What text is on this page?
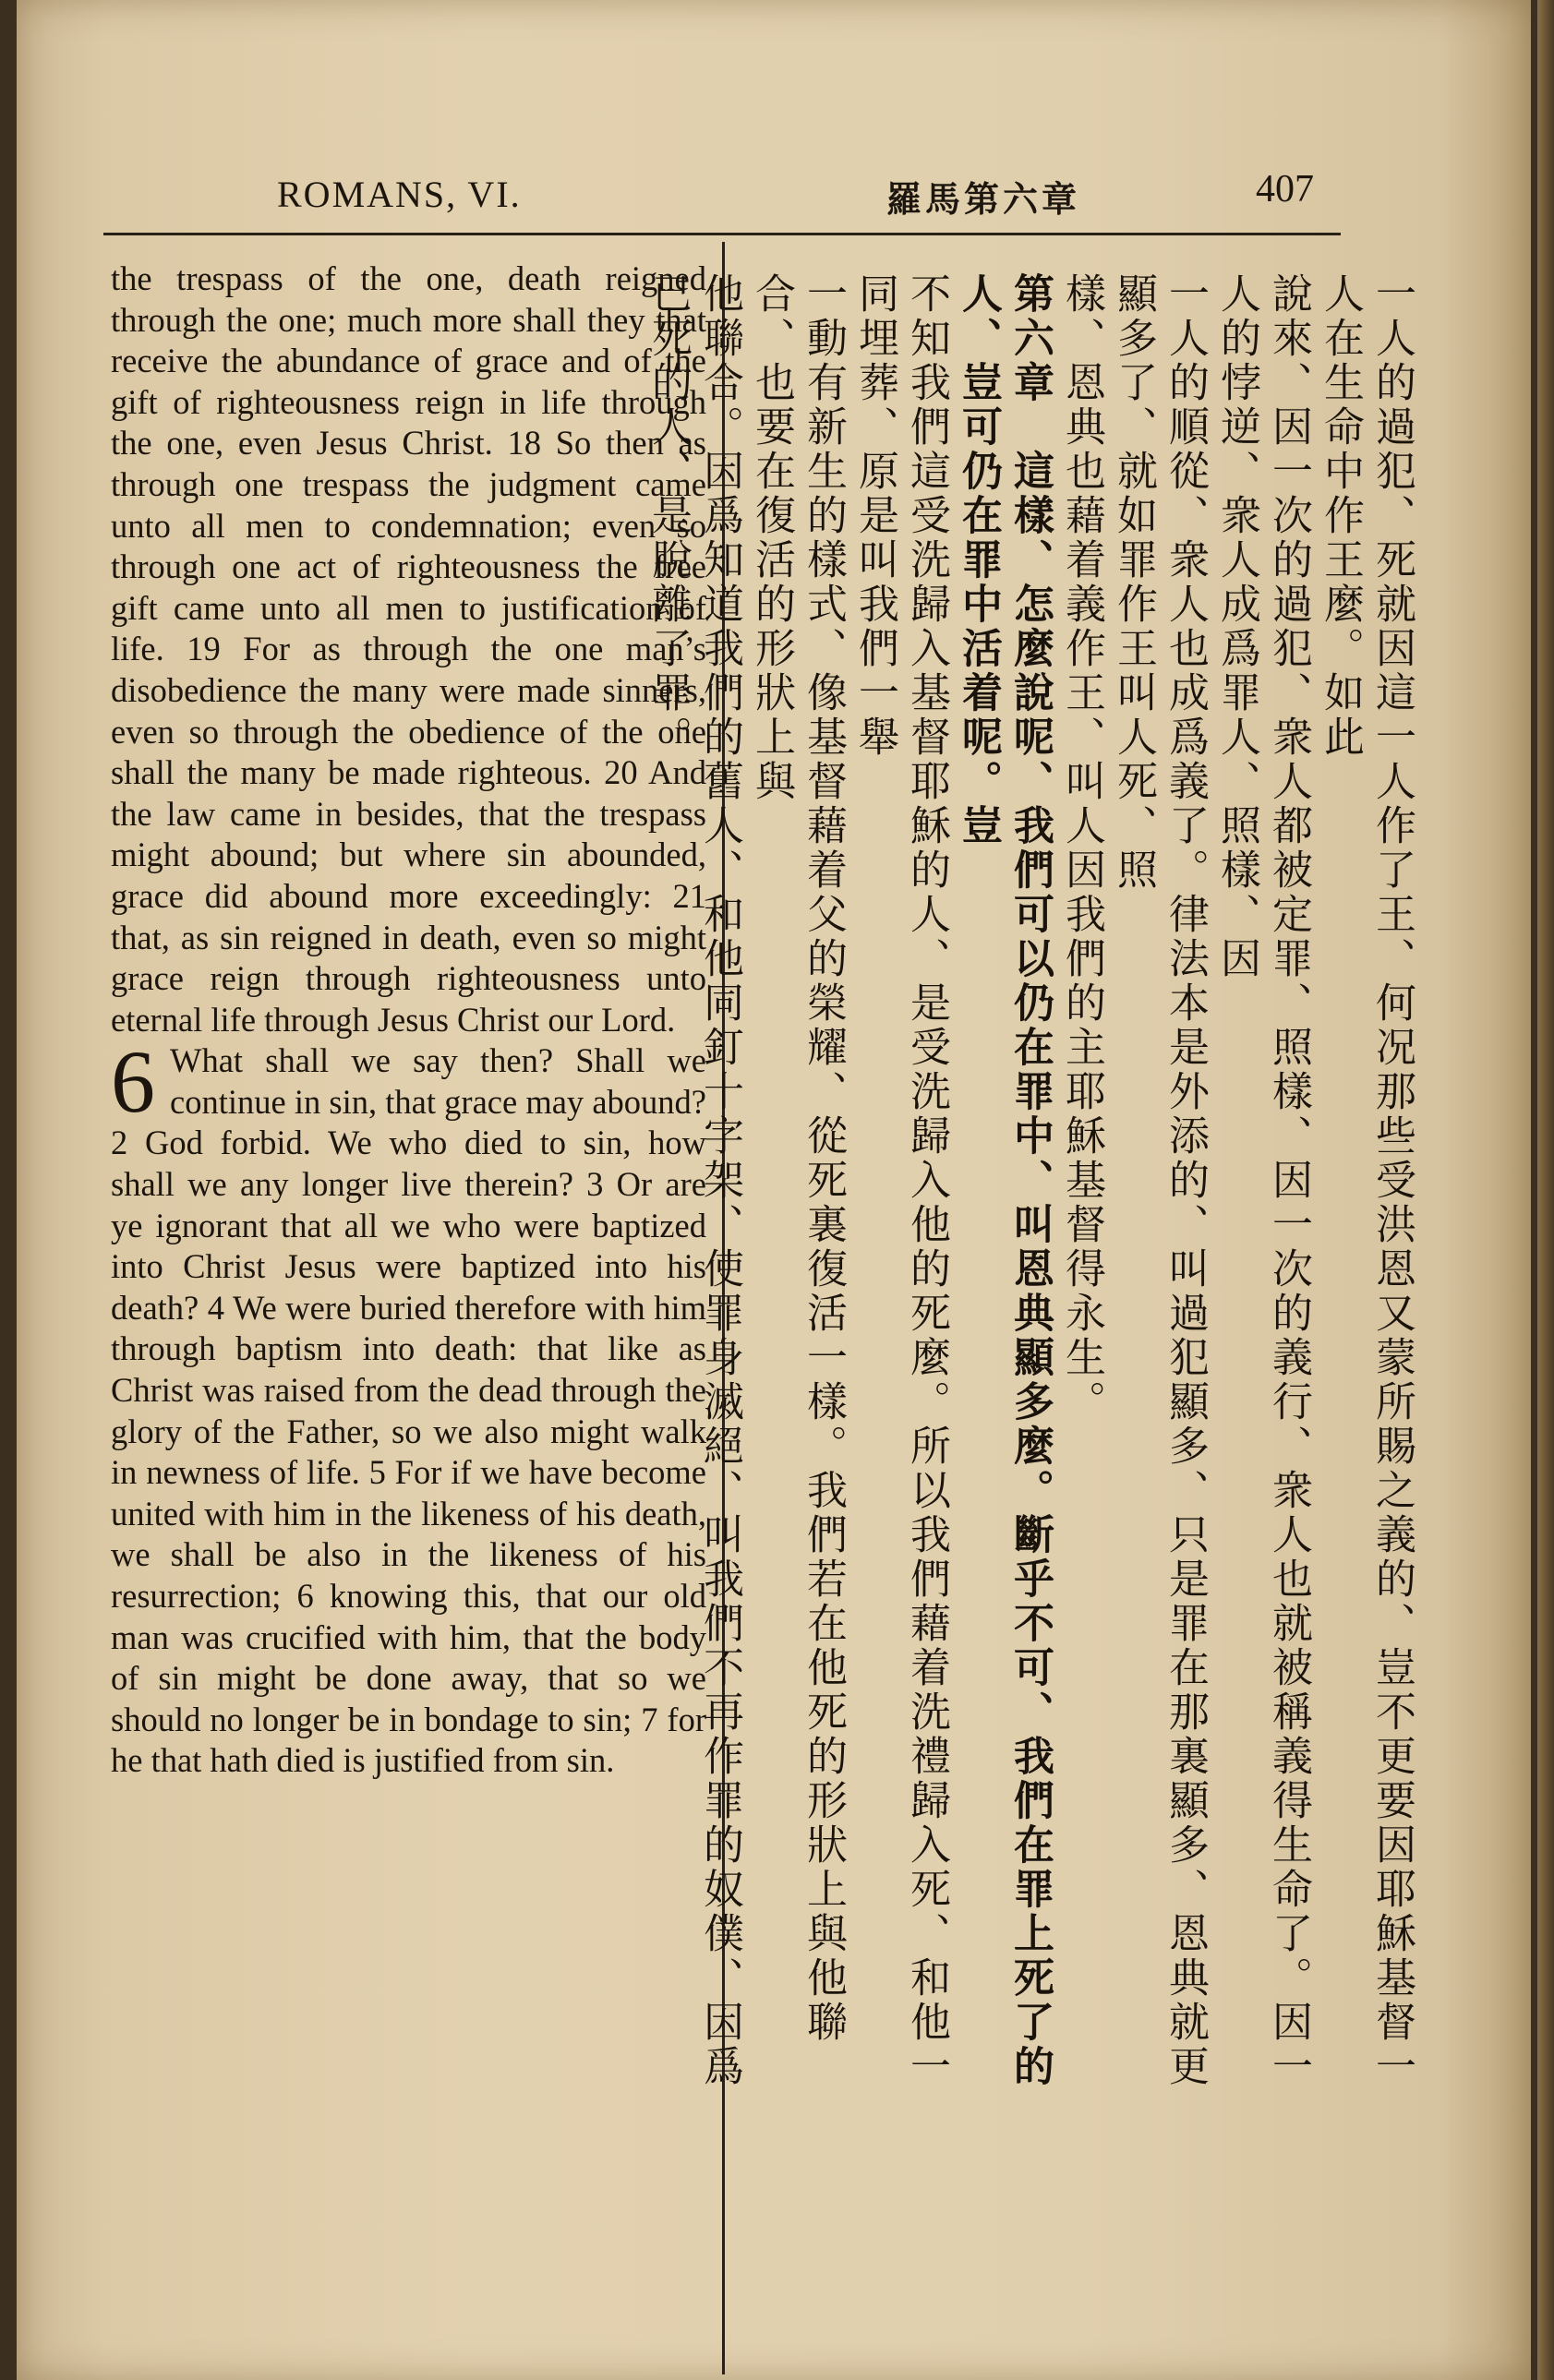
ROMANS, VI.	羅馬第六章	407

the trespass of the one, death reigned through the one; much more shall they that receive the abundance of grace and of the gift of righteousness reign in life through the one, even Jesus Christ. 18 So then as through one trespass the judgment came unto all men to condemnation; even so through one act of righteousness the free gift came unto all men to justification of life. 19 For as through the one man’s disobedience the many were made sinners, even so through the obedience of the one shall the many be made righteous. 20 And the law came in besides, that the trespass might abound; but where sin abounded, grace did abound more exceedingly: 21 that, as sin reigned in death, even so might grace reign through righteousness unto eternal life through Jesus Christ our Lord.

6 What shall we say then? Shall we continue in sin, that grace may abound? 2 God forbid. We who died to sin, how shall we any longer live therein? 3 Or are ye ignorant that all we who were baptized into Christ Jesus were baptized into his death? 4 We were buried therefore with him through baptism into death: that like as Christ was raised from the dead through the glory of the Father, so we also might walk in newness of life. 5 For if we have become united with him in the likeness of his death, we shall be also in the likeness of his resurrection; 6 knowing this, that our old man was crucified with him, that the body of sin might be done away, that so we should no longer be in bondage to sin; 7 for he that hath died is justified from sin.	一人的過犯、死就因這一人作了王、何况那些受洪恩又蒙所賜之義的、豈不更要因耶穌基督一人在生命中作王麼。如此

說來、因一次的過犯、衆人都被定罪、照樣、因一次的義行、衆人也就被稱義得生命了。因一人的悖逆、衆人成爲罪人、照樣、因

一人的順從、衆人也成爲義了。律法本是外添的、叫過犯顯多、只是罪在那裏顯多、恩典就更顯多了、就如罪作王叫人死、照

樣、恩典也藉着義作王、叫人因我們的主耶穌基督得永生。

第六章　這樣、怎麼說呢、我們可以仍在罪中、叫恩典顯多麼。斷乎不可、我們在罪上死了的人、豈可仍在罪中活着呢。豈

不知我們這受洗歸入基督耶穌的人、是受洗歸入他的死麼。所以我們藉着洗禮歸入死、和他一同埋葬、原是叫我們一舉

一動有新生的樣式、像基督藉着父的榮耀、從死裏復活一樣。我們若在他死的形狀上與他聯合、也要在復活的形狀上與

他聯合。因爲知道我們的舊人、和他同釘十字架、使罪身滅絕、叫我們不再作罪的奴僕、因爲已死的人、是脫離了罪。
